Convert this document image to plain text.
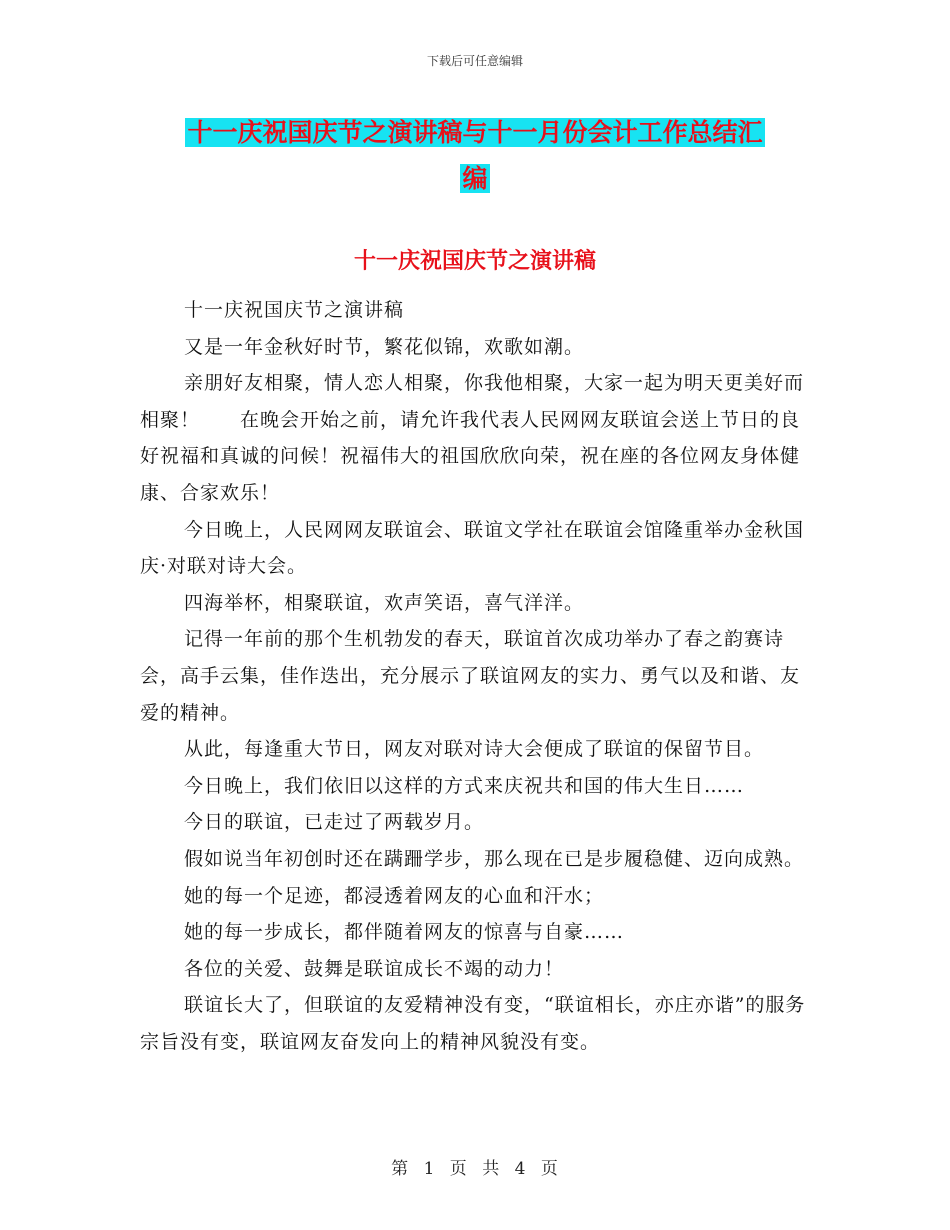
下载后可任意编辑
十一庆祝国庆节之演讲稿与十一月份会计工作总结汇
编
十一庆祝国庆节之演讲稿

十一庆祝国庆节之演讲稿

又是一年金秋好时节，繁花似锦，欢歌如潮。

亲朋好友相聚，情人恋人相聚，你我他相聚，大家一起为明天更美好而相聚！　　在晚会开始之前，请允许我代表人民网网友联谊会送上节日的良好祝福和真诚的问候！祝福伟大的祖国欣欣向荣，祝在座的各位网友身体健康、合家欢乐！

今日晚上，人民网网友联谊会、联谊文学社在联谊会馆隆重举办金秋国庆·对联对诗大会。

四海举杯，相聚联谊，欢声笑语，喜气洋洋。

记得一年前的那个生机勃发的春天，联谊首次成功举办了春之韵赛诗会，高手云集，佳作迭出，充分展示了联谊网友的实力、勇气以及和谐、友爱的精神。

从此，每逢重大节日，网友对联对诗大会便成了联谊的保留节目。

今日晚上，我们依旧以这样的方式来庆祝共和国的伟大生日……

今日的联谊，已走过了两载岁月。

假如说当年初创时还在蹒跚学步，那么现在已是步履稳健、迈向成熟。

她的每一个足迹，都浸透着网友的心血和汗水；

她的每一步成长，都伴随着网友的惊喜与自豪……

各位的关爱、鼓舞是联谊成长不竭的动力！

联谊长大了，但联谊的友爱精神没有变，“联谊相长，亦庄亦谐”的服务宗旨没有变，联谊网友奋发向上的精神风貌没有变。

第 1 页 共 4 页
